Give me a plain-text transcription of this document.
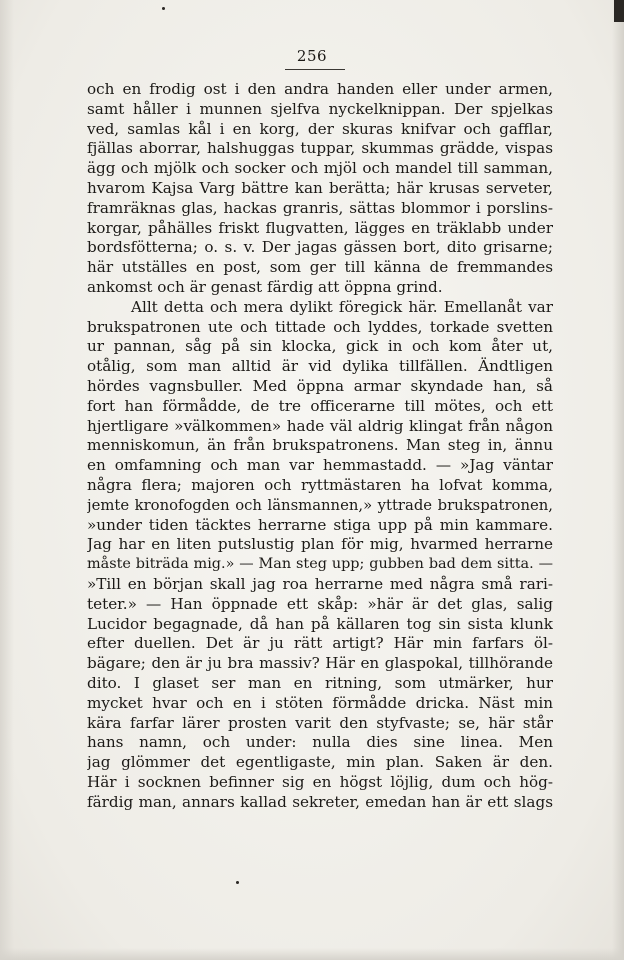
256
och en frodig ost i den andra handen eller under armen,
samt håller i munnen sjelfva nyckelknippan. Der spjelkas
ved, samlas kål i en korg, der skuras knifvar och gafflar,
fjällas aborrar, halshuggas tuppar, skummas grädde, vispas
ägg och mjölk och socker och mjöl och mandel till samman,
hvarom Kajsa Varg bättre kan berätta; här krusas serveter,
framräknas glas, hackas granris, sättas blommor i porslins-
korgar, påhälles friskt flugvatten, lägges en träklabb under
bordsfötterna; o. s. v. Der jagas gässen bort, dito grisarne;
här utställes en post, som ger till känna de fremmandes
ankomst och är genast färdig att öppna grind.
Allt detta och mera dylikt föregick här. Emellanåt var
brukspatronen ute och tittade och lyddes, torkade svetten
ur pannan, såg på sin klocka, gick in och kom åter ut,
otålig, som man alltid är vid dylika tillfällen. Ändtligen
hördes vagnsbuller. Med öppna armar skyndade han, så
fort han förmådde, de tre officerarne till mötes, och ett
hjertligare »välkommen» hade väl aldrig klingat från någon
menniskomun, än från brukspatronens. Man steg in, ännu
en omfamning och man var hemmastadd. — »Jag väntar
några flera; majoren och ryttmästaren ha lofvat komma,
jemte kronofogden och länsmannen,» yttrade brukspatronen,
»under tiden täcktes herrarne stiga upp på min kammare.
Jag har en liten putslustig plan för mig, hvarmed herrarne
måste biträda mig.» — Man steg upp; gubben bad dem sitta. —
»Till en början skall jag roa herrarne med några små rari-
teter.» — Han öppnade ett skåp: »här är det glas, salig
Lucidor begagnade, då han på källaren tog sin sista klunk
efter duellen. Det är ju rätt artigt? Här min farfars öl-
bägare; den är ju bra massiv? Här en glaspokal, tillhörande
dito. I glaset ser man en ritning, som utmärker, hur
mycket hvar och en i stöten förmådde dricka. Näst min
kära farfar lärer prosten varit den styfvaste; se, här står
hans namn, och under: nulla dies sine linea. Men
jag glömmer det egentligaste, min plan. Saken är den.
Här i socknen befinner sig en högst löjlig, dum och hög-
färdig man, annars kallad sekreter, emedan han är ett slags
